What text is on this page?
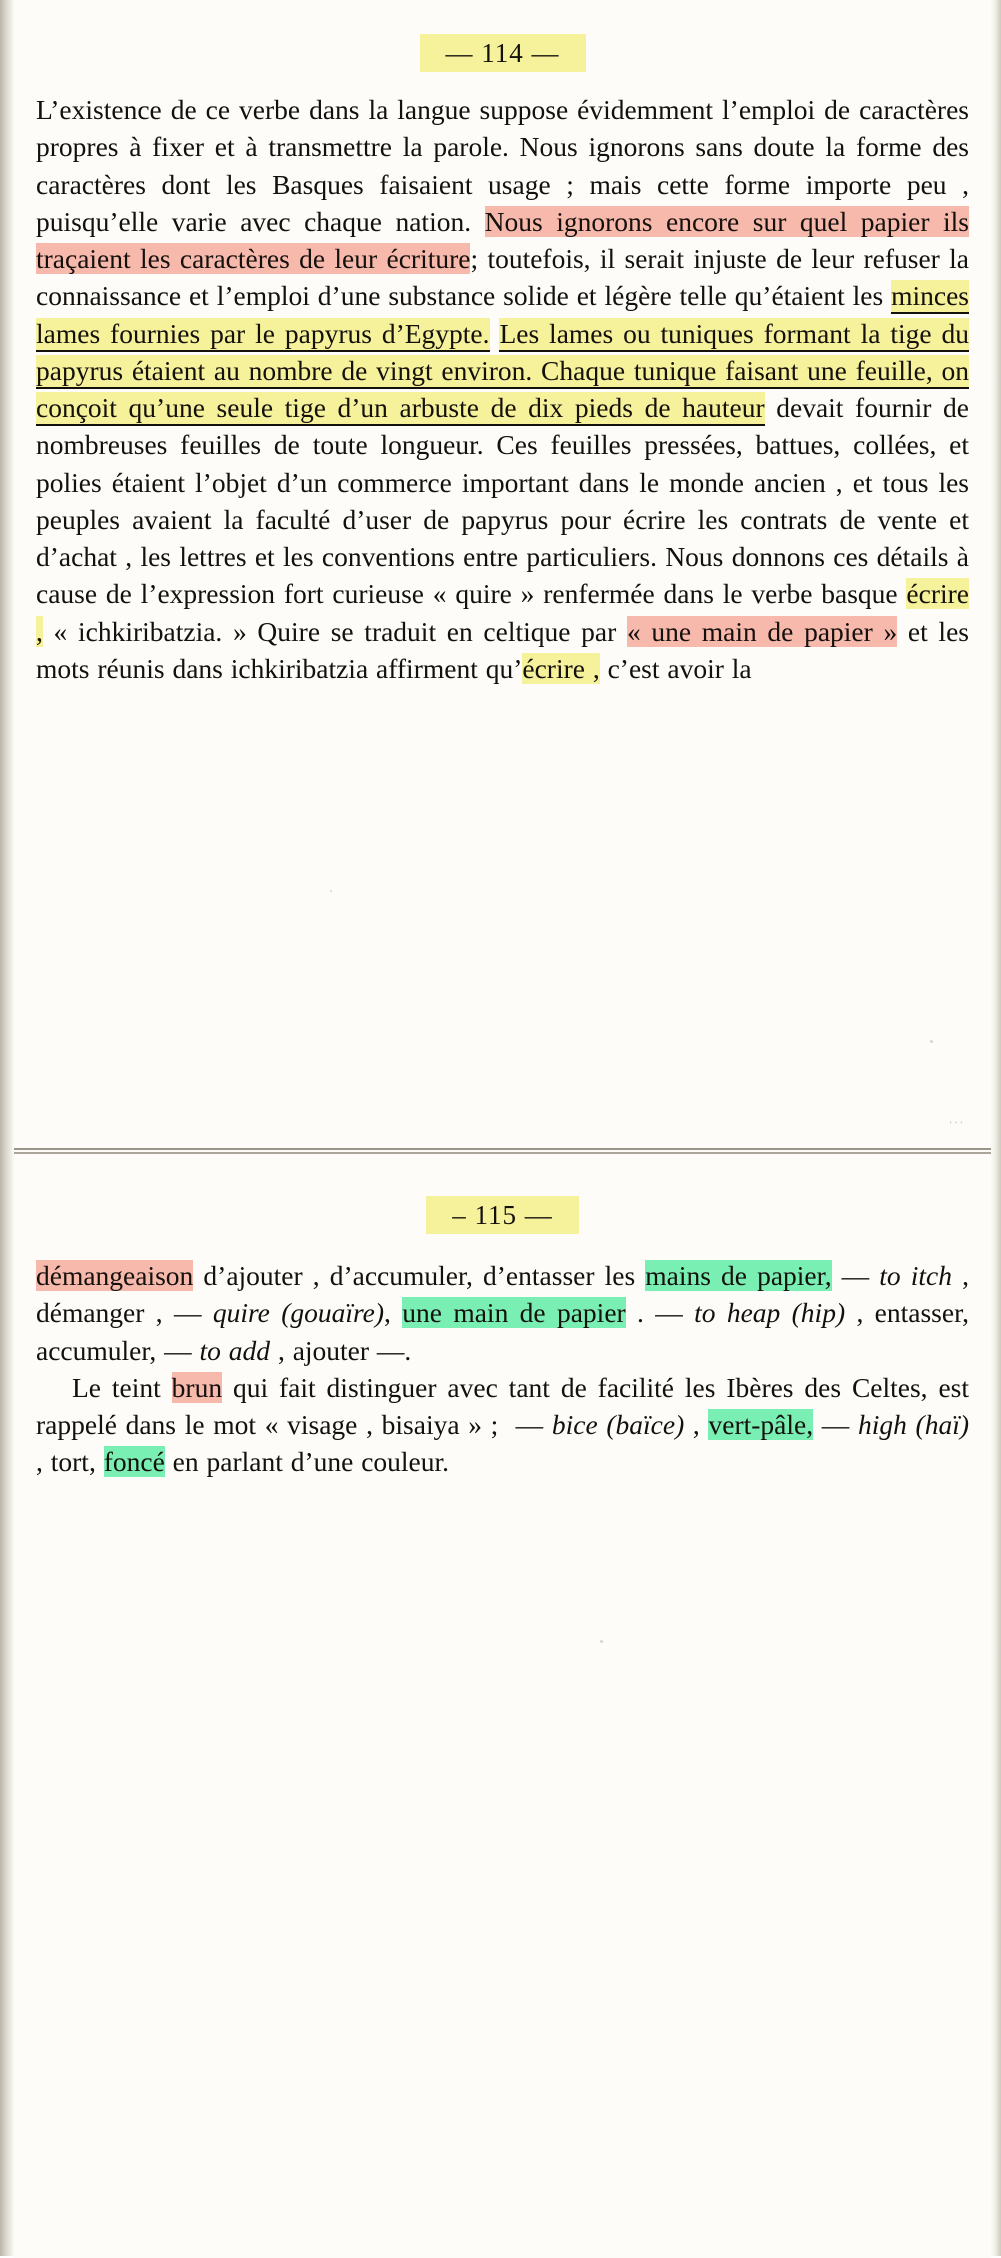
— 114 —

L’existence de ce verbe dans la langue suppose évidemment l’emploi de caractères propres à fixer et à transmettre la parole. Nous ignorons sans doute la forme des caractères dont les Basques faisaient usage ; mais cette forme importe peu , puisqu’elle varie avec chaque nation. Nous ignorons encore sur quel papier ils traçaient les caractères de leur écriture; toutefois, il serait injuste de leur refuser la connaissance et l’emploi d’une substance solide et légère telle qu’étaient les minces lames fournies par le papyrus d’Egypte. Les lames ou tuniques formant la tige du papyrus étaient au nombre de vingt environ. Chaque tunique faisant une feuille, on conçoit qu’une seule tige d’un arbuste de dix pieds de hauteur devait fournir de nombreuses feuilles de toute longueur. Ces feuilles pressées, battues, collées, et polies étaient l’objet d’un commerce important dans le monde ancien , et tous les peuples avaient la faculté d’user de papyrus pour écrire les contrats de vente et d’achat , les lettres et les conventions entre particuliers. Nous donnons ces détails à cause de l’expression fort curieuse « quire » renfermée dans le verbe basque écrire , « ichkiribatzia. » Quire se traduit en celtique par « une main de papier » et les mots réunis dans ichkiribatzia affirment qu’écrire , c’est avoir la

···
– 115 —

démangeaison d’ajouter , d’accumuler, d’entasser les mains de papier, — to itch , démanger , — quire (gouaïre), une main de papier . — to heap (hip) , entasser, accumuler, — to add , ajouter —.

Le teint brun qui fait distinguer avec tant de facilité les Ibères des Celtes, est rappelé dans le mot « visage , bisaiya » ;  — bice (baïce) , vert-pâle, — high (haï) , tort, foncé en parlant d’une couleur.
